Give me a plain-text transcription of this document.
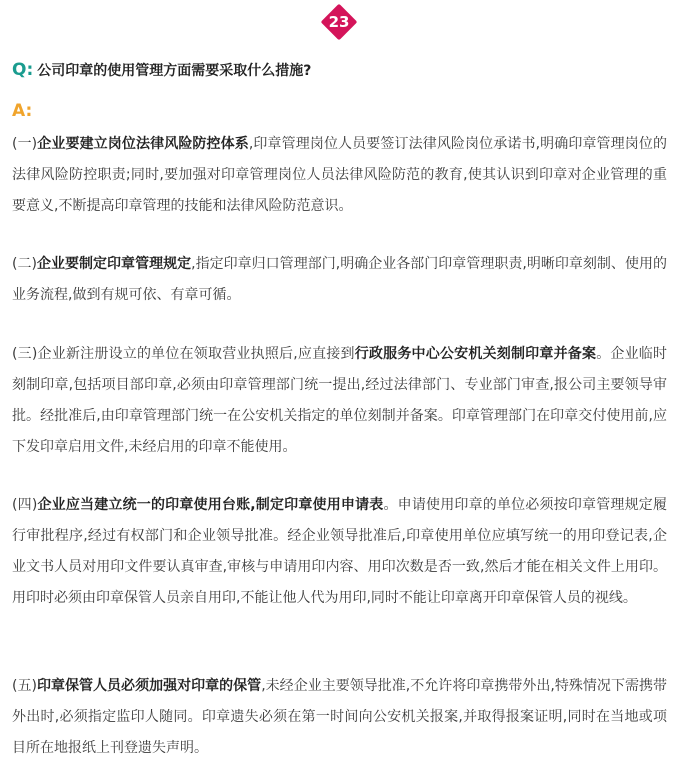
23
Q: 公司印章的使用管理方面需要采取什么措施?
A:

(一)企业要建立岗位法律风险防控体系,印章管理岗位人员要签订法律风险岗位承诺书,明确印章管理岗位的法律风险防控职责;同时,要加强对印章管理岗位人员法律风险防范的教育,使其认识到印章对企业管理的重要意义,不断提高印章管理的技能和法律风险防范意识。

(二)企业要制定印章管理规定,指定印章归口管理部门,明确企业各部门印章管理职责,明晰印章刻制、使用的业务流程,做到有规可依、有章可循。

(三)企业新注册设立的单位在领取营业执照后,应直接到行政服务中心公安机关刻制印章并备案。企业临时刻制印章,包括项目部印章,必须由印章管理部门统一提出,经过法律部门、专业部门审查,报公司主要领导审批。经批准后,由印章管理部门统一在公安机关指定的单位刻制并备案。印章管理部门在印章交付使用前,应下发印章启用文件,未经启用的印章不能使用。

(四)企业应当建立统一的印章使用台账,制定印章使用申请表。申请使用印章的单位必须按印章管理规定履行审批程序,经过有权部门和企业领导批准。经企业领导批准后,印章使用单位应填写统一的用印登记表,企业文书人员对用印文件要认真审查,审核与申请用印内容、用印次数是否一致,然后才能在相关文件上用印。用印时必须由印章保管人员亲自用印,不能让他人代为用印,同时不能让印章离开印章保管人员的视线。

(五)印章保管人员必须加强对印章的保管,未经企业主要领导批准,不允许将印章携带外出,特殊情况下需携带外出时,必须指定监印人随同。印章遗失必须在第一时间向公安机关报案,并取得报案证明,同时在当地或项目所在地报纸上刊登遗失声明。
